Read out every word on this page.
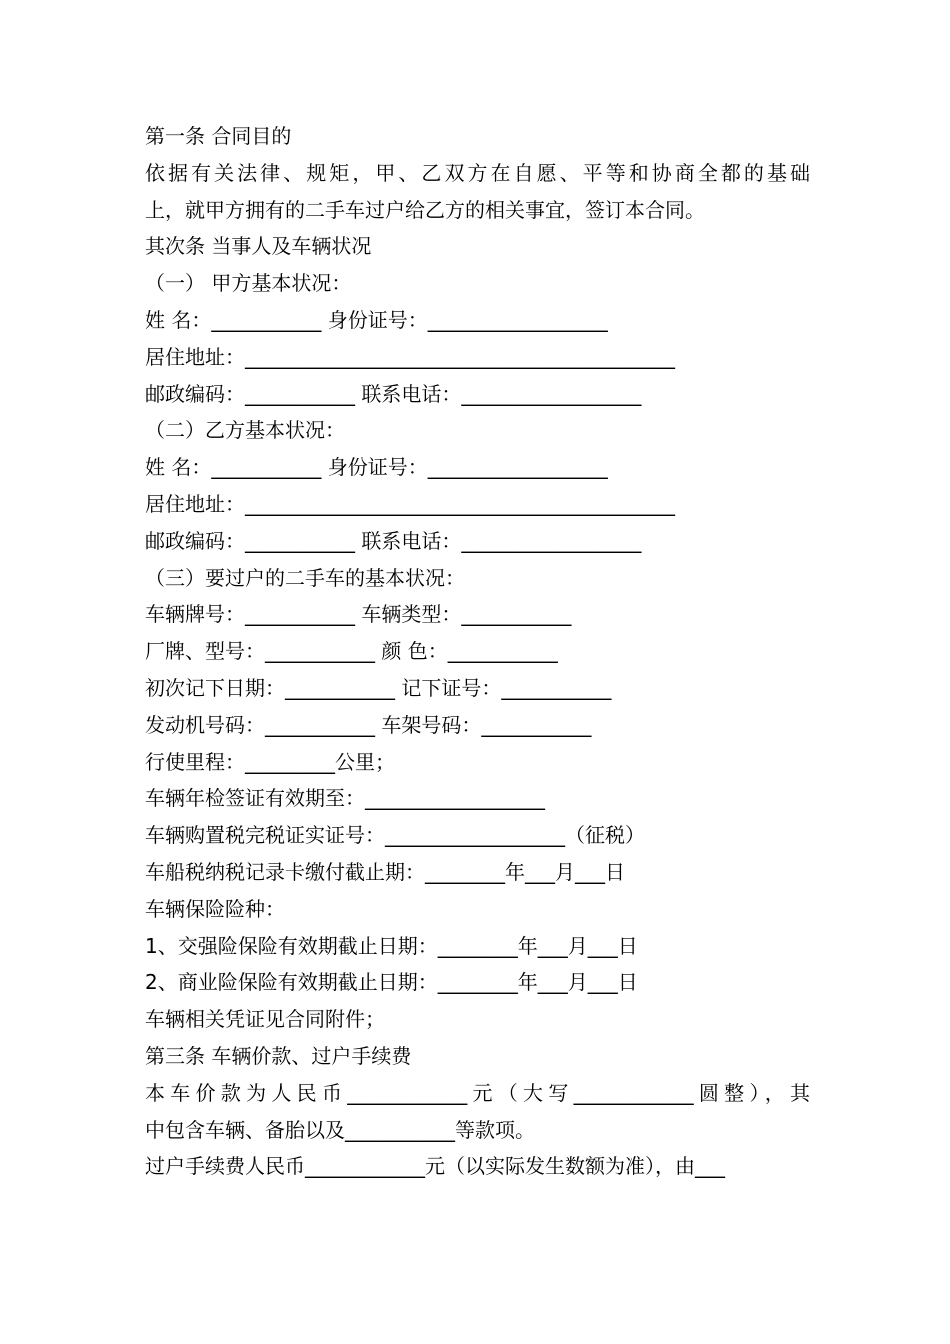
第一条 合同目的
依据有关法律、规矩，甲、乙双方在自愿、平等和协商全都的基础
上，就甲方拥有的二手车过户给乙方的相关事宜，签订本合同。
其次条 当事人及车辆状况
（一） 甲方基本状况：
姓 名：___________ 身份证号：__________________
居住地址：___________________________________________
邮政编码：___________ 联系电话：__________________
（二）乙方基本状况：
姓 名：___________ 身份证号：__________________
居住地址：___________________________________________
邮政编码：___________ 联系电话：__________________
（三）要过户的二手车的基本状况：
车辆牌号：___________ 车辆类型：___________
厂牌、型号：___________ 颜 色：___________
初次记下日期：___________ 记下证号：___________
发动机号码：___________ 车架号码：___________
行使里程：_________公里；
车辆年检签证有效期至：__________________
车辆购置税完税证实证号：__________________（征税）
车船税纳税记录卡缴付截止期：________年___月___日
车辆保险险种：
1、交强险保险有效期截止日期：________年___月___日
2、商业险保险有效期截止日期：________年___月___日
车辆相关凭证见合同附件；
第三条 车辆价款、过户手续费
本车价款为人民币____________元（大写____________圆整），其
中包含车辆、备胎以及___________等款项。
过户手续费人民币____________元（以实际发生数额为准），由___
